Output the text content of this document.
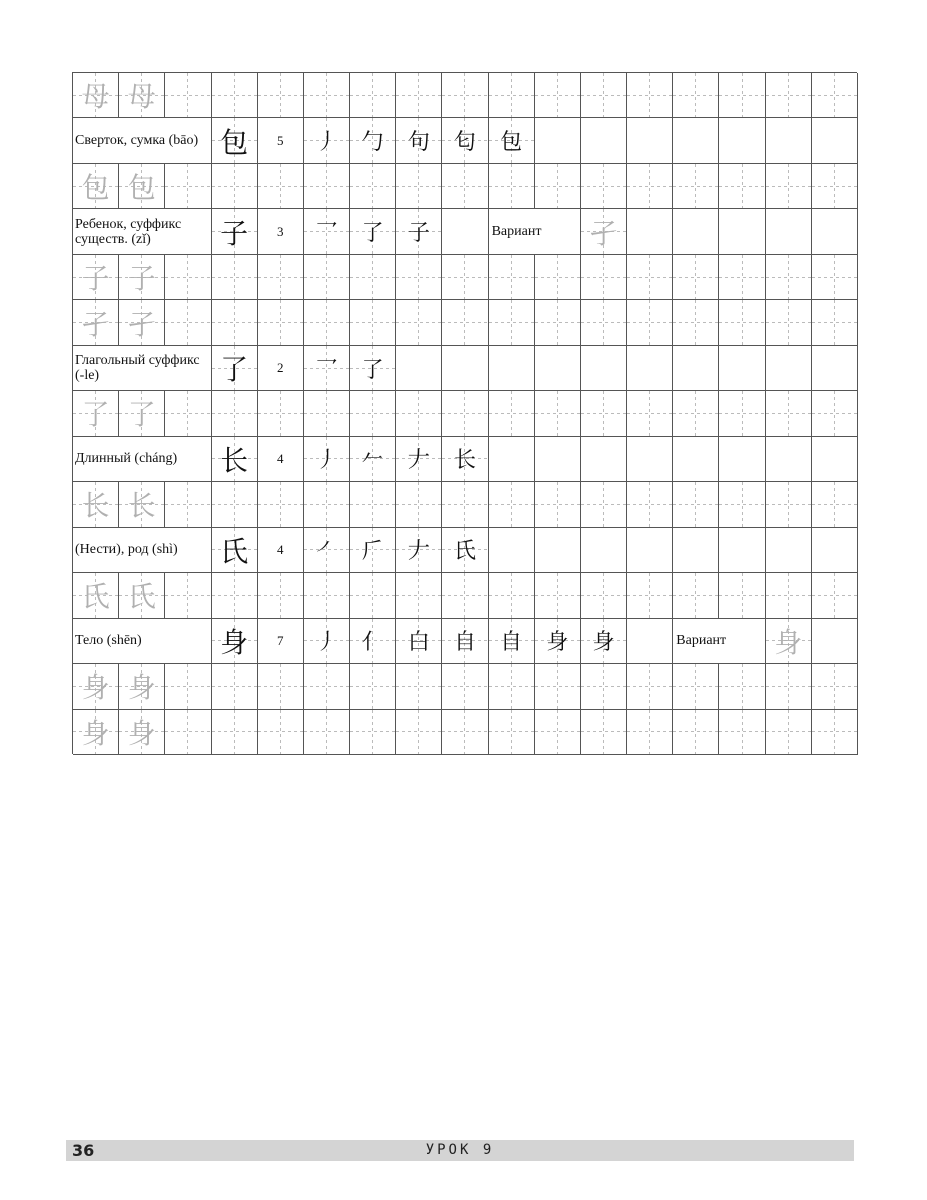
母 母
Сверток, сумка (bāo) 包	5	丿	勹	句	匂	包
包 包
Ребенок, суффикс существ. (zǐ)	子	3	乛	了	子	Вариант	孑
子 子
孑 孑
Глагольный суффикс (-le)	了	2	乛	了
了 了
Длинный (cháng)	长	4	丿	𠂉	𠂇	长
长 长
(Нести), род (shì)	氏	4	㇒	𠂆	𠂇	氏
氏 氏
Тело (shēn)	身	7	丿	亻	白	自	自	身	身	Вариант	身
身 身
身 身
36	УРОК 9
